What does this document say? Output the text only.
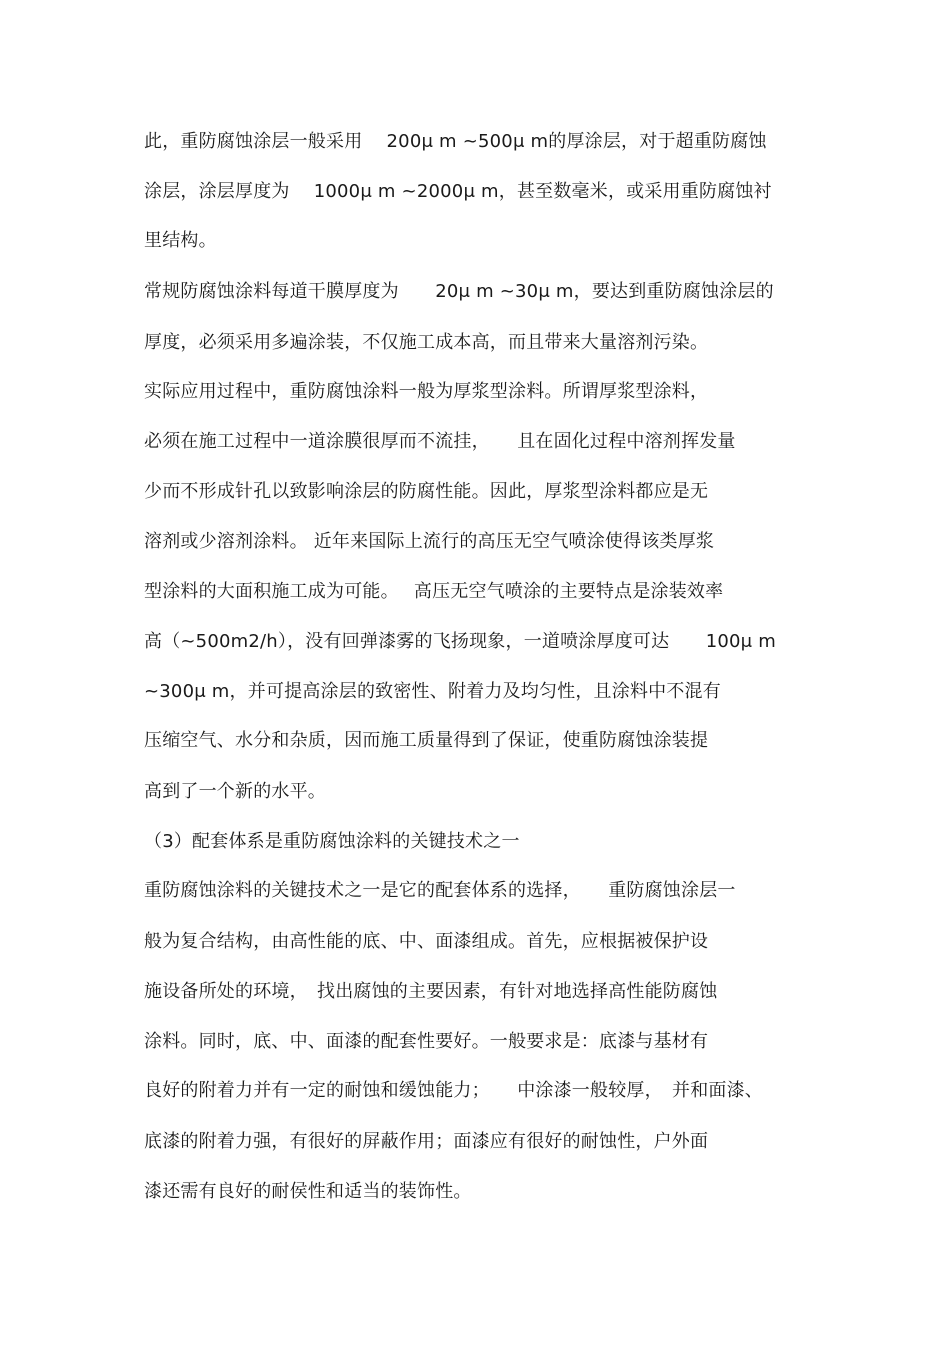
此，重防腐蚀涂层一般采用　 200μ m ~500μ m的厚涂层，对于超重防腐蚀
涂层，涂层厚度为　 1000μ m ~2000μ m，甚至数毫米，或采用重防腐蚀衬
里结构。
常规防腐蚀涂料每道干膜厚度为　　20μ m ~30μ m，要达到重防腐蚀涂层的
厚度，必须采用多遍涂装，不仅施工成本高，而且带来大量溶剂污染。
实际应用过程中，重防腐蚀涂料一般为厚浆型涂料。所谓厚浆型涂料，
必须在施工过程中一道涂膜很厚而不流挂，　　且在固化过程中溶剂挥发量
少而不形成针孔以致影响涂层的防腐性能。因此，厚浆型涂料都应是无
溶剂或少溶剂涂料。 近年来国际上流行的高压无空气喷涂使得该类厚浆
型涂料的大面积施工成为可能。　 高压无空气喷涂的主要特点是涂装效率
高（~500m2/h），没有回弹漆雾的飞扬现象，一道喷涂厚度可达　　100μ m
~300μ m，并可提高涂层的致密性、附着力及均匀性，且涂料中不混有
压缩空气、水分和杂质，因而施工质量得到了保证，使重防腐蚀涂装提
高到了一个新的水平。
（3）配套体系是重防腐蚀涂料的关键技术之一
重防腐蚀涂料的关键技术之一是它的配套体系的选择，　　重防腐蚀涂层一
般为复合结构，由高性能的底、中、面漆组成。首先，应根据被保护设
施设备所处的环境，　找出腐蚀的主要因素，有针对地选择高性能防腐蚀
涂料。同时，底、中、面漆的配套性要好。一般要求是：底漆与基材有
良好的附着力并有一定的耐蚀和缓蚀能力；　　中涂漆一般较厚，　并和面漆、
底漆的附着力强，有很好的屏蔽作用；面漆应有很好的耐蚀性，户外面
漆还需有良好的耐侯性和适当的装饰性。
